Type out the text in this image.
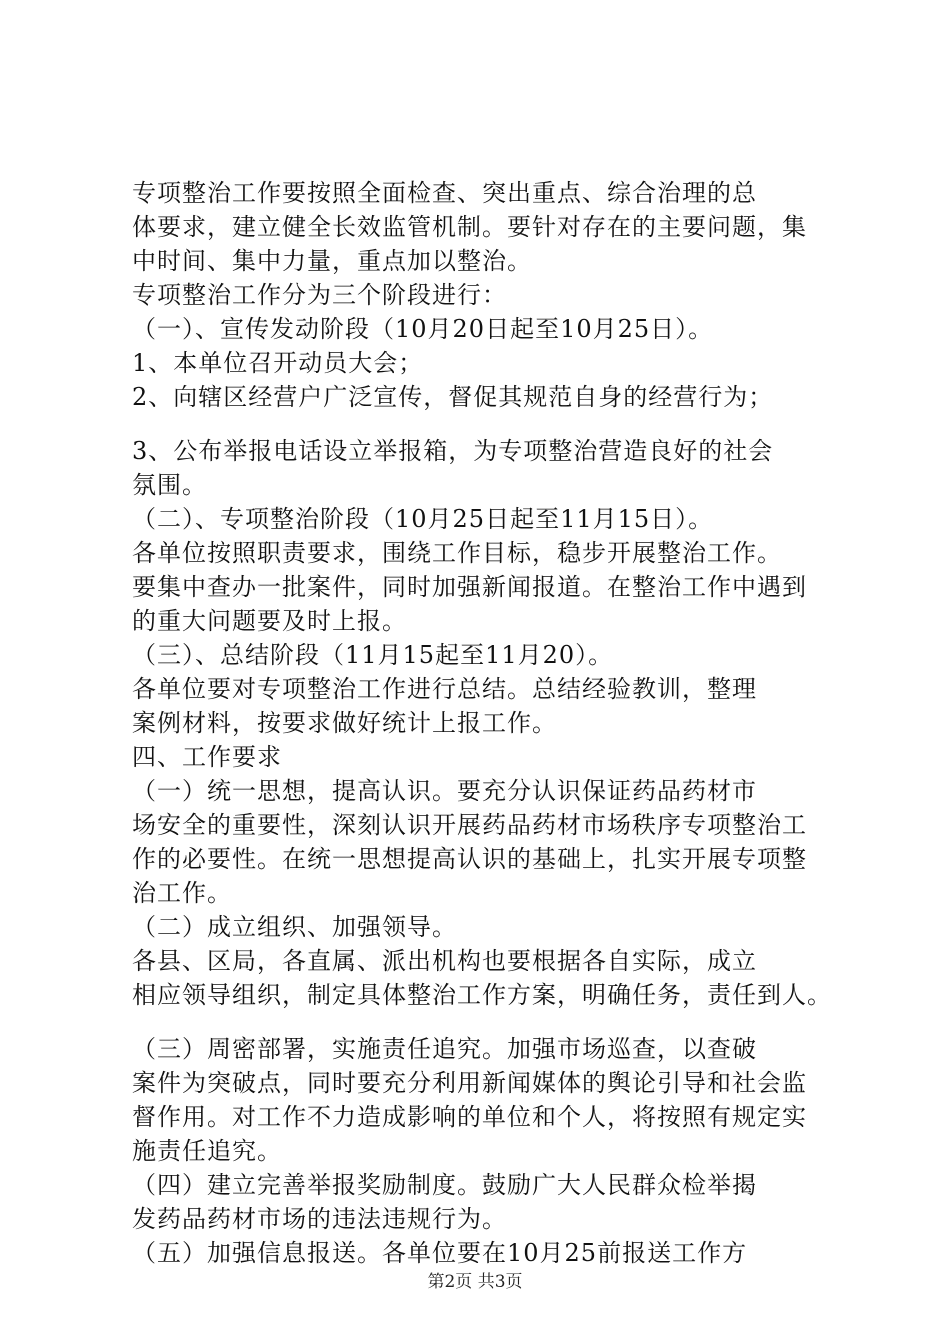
专项整治工作要按照全面检查、突出重点、综合治理的总
体要求，建立健全长效监管机制。要针对存在的主要问题，集
中时间、集中力量，重点加以整治。
专项整治工作分为三个阶段进行：
（一）、宣传发动阶段（10月20日起至10月25日）。
1、本单位召开动员大会；
2、向辖区经营户广泛宣传，督促其规范自身的经营行为；
3、公布举报电话设立举报箱，为专项整治营造良好的社会
氛围。
（二）、专项整治阶段（10月25日起至11月15日）。
各单位按照职责要求，围绕工作目标，稳步开展整治工作。
要集中查办一批案件，同时加强新闻报道。在整治工作中遇到
的重大问题要及时上报。
（三）、总结阶段（11月15起至11月20）。
各单位要对专项整治工作进行总结。总结经验教训，整理
案例材料，按要求做好统计上报工作。
四、工作要求
（一）统一思想，提高认识。要充分认识保证药品药材市
场安全的重要性，深刻认识开展药品药材市场秩序专项整治工
作的必要性。在统一思想提高认识的基础上，扎实开展专项整
治工作。
（二）成立组织、加强领导。
各县、区局，各直属、派出机构也要根据各自实际，成立
相应领导组织，制定具体整治工作方案，明确任务，责任到人。
（三）周密部署，实施责任追究。加强市场巡查，以查破
案件为突破点，同时要充分利用新闻媒体的舆论引导和社会监
督作用。对工作不力造成影响的单位和个人，将按照有规定实
施责任追究。
（四）建立完善举报奖励制度。鼓励广大人民群众检举揭
发药品药材市场的违法违规行为。
（五）加强信息报送。各单位要在10月25前报送工作方
第2页 共3页
